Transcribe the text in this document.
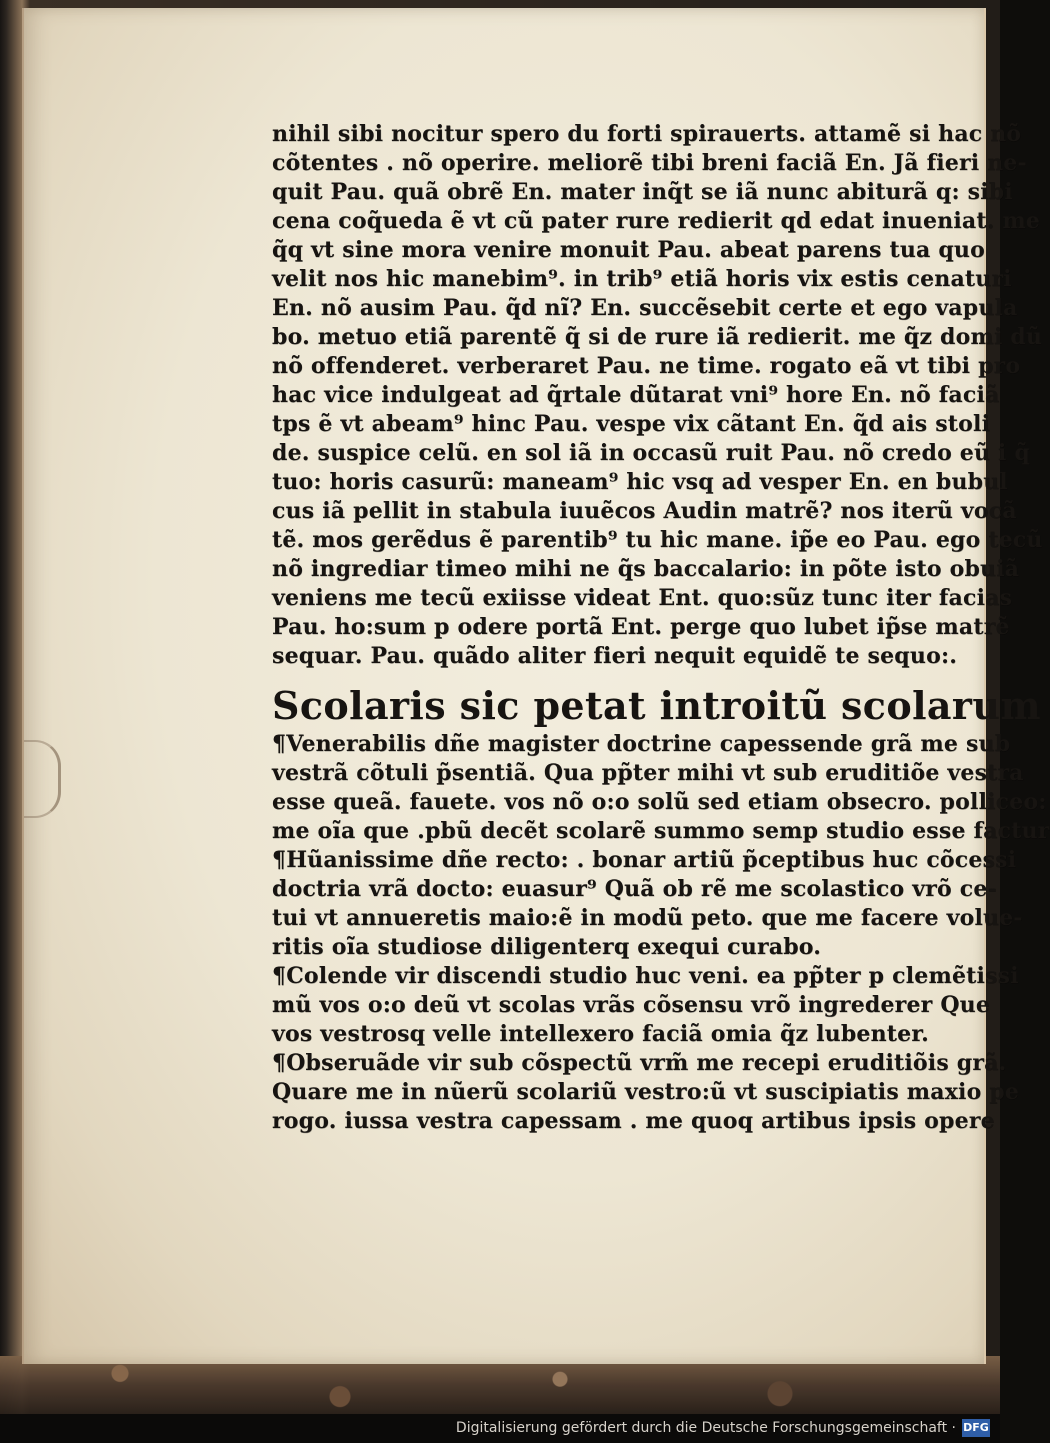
nihil sibi nocitur spero du forti spirauerts. attamẽ si hac nõ
cõtentes . nõ operire. meliorẽ tibi breni faciã En. Jã fieri ne-
quit Pau. quã obrẽ En. mater inq̃t se iã nunc abiturã q: sibi
cena coq̃ueda ẽ vt cũ pater rure redierit qd edat inueniat. me
q̃q vt sine mora venire monuit Pau. abeat parens tua quo
velit nos hic manebim⁹. in trib⁹ etiã horis vix estis cenaturi
En. nõ ausim Pau. q̃d nĩ? En. succẽsebit certe et ego vapula
bo. metuo etiã parentẽ q̃ si de rure iã redierit. me q̃z domi dũ
nõ offenderet. verberaret Pau. ne time. rogato eã vt tibi pro
hac vice indulgeat ad q̃rtale dũtarat vni⁹ hore En. nõ faciã
tps ẽ vt abeam⁹ hinc Pau. vespe vix cãtant En. q̃d ais stoli
de. suspice celũ. en sol iã in occasũ ruit Pau. nõ credo eũ i q̃
tuo: horis casurũ: maneam⁹ hic vsq ad vesper En. en bubul
cus iã pellit in stabula iuuẽcos Audin matrẽ? nos iterũ vocã
tẽ. mos gerẽdus ẽ parentib⁹ tu hic mane. ip̃e eo Pau. ego tecũ
nõ ingrediar timeo mihi ne q̃s baccalario: in põte isto obuiã
veniens me tecũ exiisse videat Ent. quo:sũz tunc iter facias
Pau. ho:sum p odere portã Ent. perge quo lubet ip̃se matrẽ
sequar. Pau. quãdo aliter fieri nequit equidẽ te sequo:.
Scolaris sic petat introitũ scolarum
¶Venerabilis dñe magister doctrine capessende grã me sub
vestrã cõtuli p̃sentiã. Qua pp̃ter mihi vt sub eruditiõe vestra
esse queã. fauete. vos nõ o:o solũ sed etiam obsecro. polliceo:
me oĩa que .pbũ decẽt scolarẽ summo semp studio esse factur
¶Hũanissime dñe recto: . bonar artiũ p̃ceptibus huc cõcessi
doctria vrã docto: euasur⁹ Quã ob rẽ me scolastico vrõ ce-
tui vt annueretis maio:ẽ in modũ peto. que me facere volue-
ritis oĩa studiose diligenterq exequi curabo.
¶Colende vir discendi studio huc veni. ea pp̃ter p clemẽtissi
mũ vos o:o deũ vt scolas vrãs cõsensu vrõ ingrederer Que
vos vestrosq velle intellexero faciã omia q̃z lubenter.
¶Obseruãde vir sub cõspectũ vrm̃ me recepi eruditiõis grã.
Quare me in nũerũ scolariũ vestro:ũ vt suscipiatis maxio pe
rogo. iussa vestra capessam . me quoq artibus ipsis opere
Digitalisierung gefördert durch die Deutsche Forschungsgemeinschaft · DFG
